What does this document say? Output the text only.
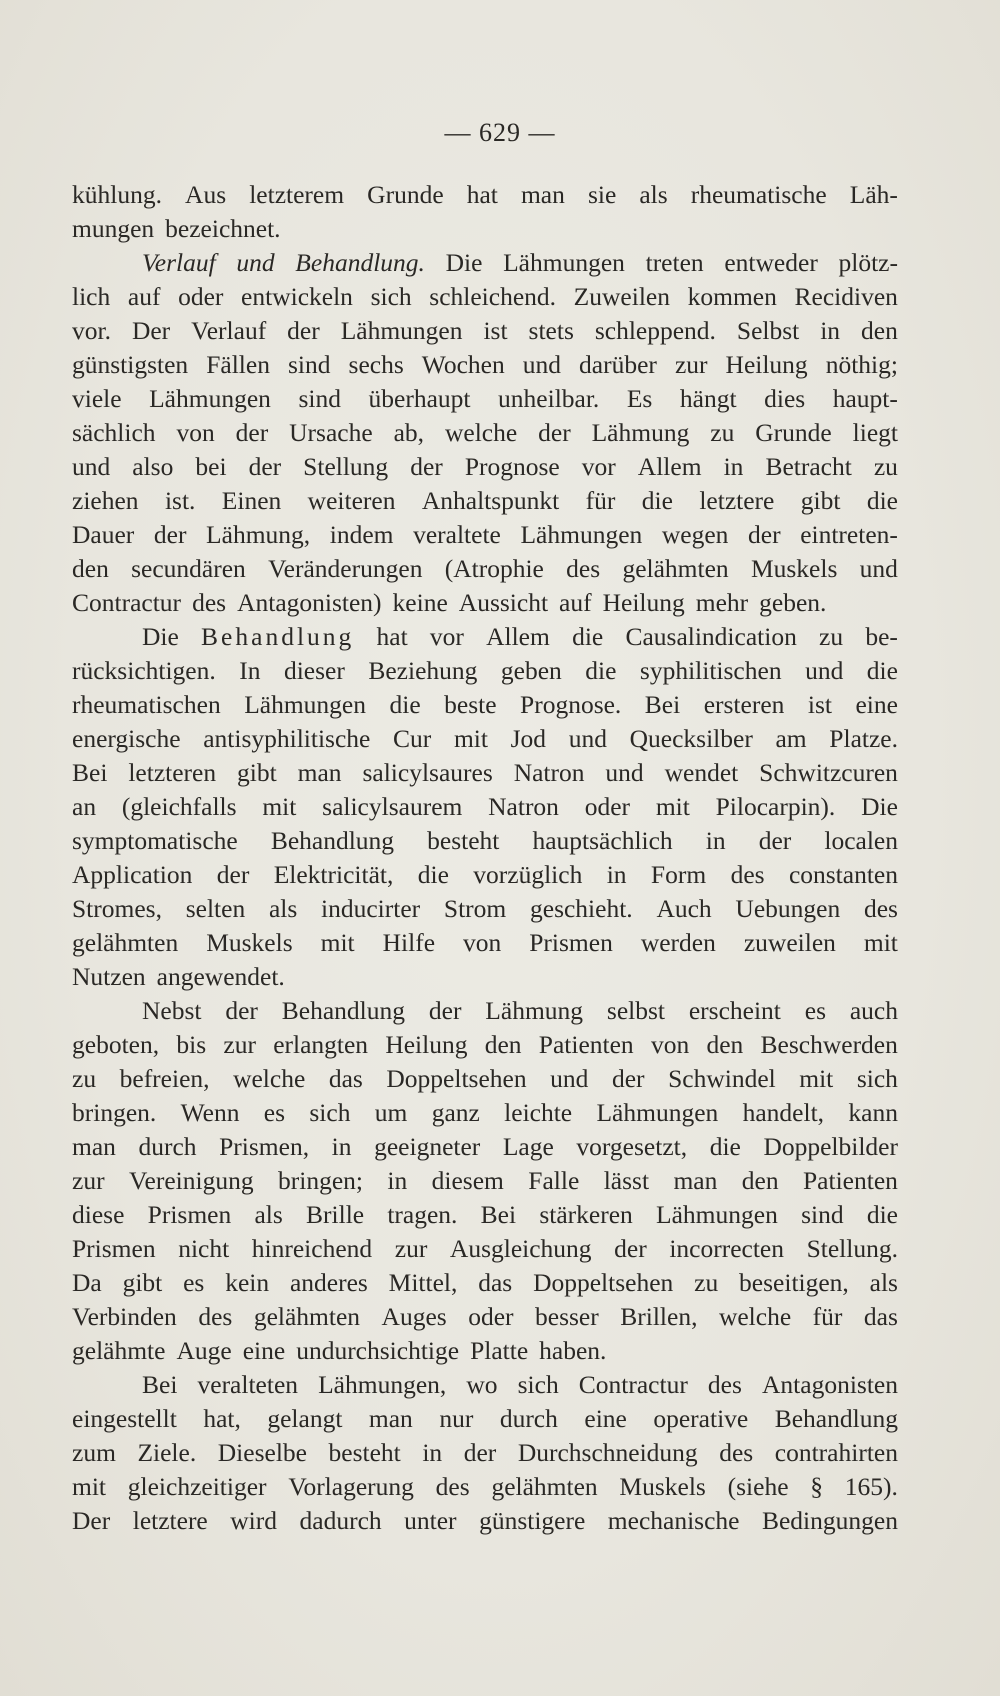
— 629 —
kühlung. Aus letzterem Grunde hat man sie als rheumatische Läh-
mungen bezeichnet.
Verlauf und Behandlung. Die Lähmungen treten entweder plötz-
lich auf oder entwickeln sich schleichend. Zuweilen kommen Recidiven
vor. Der Verlauf der Lähmungen ist stets schleppend. Selbst in den
günstigsten Fällen sind sechs Wochen und darüber zur Heilung nöthig;
viele Lähmungen sind überhaupt unheilbar. Es hängt dies haupt-
sächlich von der Ursache ab, welche der Lähmung zu Grunde liegt
und also bei der Stellung der Prognose vor Allem in Betracht zu
ziehen ist. Einen weiteren Anhaltspunkt für die letztere gibt die
Dauer der Lähmung, indem veraltete Lähmungen wegen der eintreten-
den secundären Veränderungen (Atrophie des gelähmten Muskels und
Contractur des Antagonisten) keine Aussicht auf Heilung mehr geben.
Die Behandlung hat vor Allem die Causalindication zu be-
rücksichtigen. In dieser Beziehung geben die syphilitischen und die
rheumatischen Lähmungen die beste Prognose. Bei ersteren ist eine
energische antisyphilitische Cur mit Jod und Quecksilber am Platze.
Bei letzteren gibt man salicylsaures Natron und wendet Schwitzcuren
an (gleichfalls mit salicylsaurem Natron oder mit Pilocarpin). Die
symptomatische Behandlung besteht hauptsächlich in der localen
Application der Elektricität, die vorzüglich in Form des constanten
Stromes, selten als inducirter Strom geschieht. Auch Uebungen des
gelähmten Muskels mit Hilfe von Prismen werden zuweilen mit
Nutzen angewendet.
Nebst der Behandlung der Lähmung selbst erscheint es auch
geboten, bis zur erlangten Heilung den Patienten von den Beschwerden
zu befreien, welche das Doppeltsehen und der Schwindel mit sich
bringen. Wenn es sich um ganz leichte Lähmungen handelt, kann
man durch Prismen, in geeigneter Lage vorgesetzt, die Doppelbilder
zur Vereinigung bringen; in diesem Falle lässt man den Patienten
diese Prismen als Brille tragen. Bei stärkeren Lähmungen sind die
Prismen nicht hinreichend zur Ausgleichung der incorrecten Stellung.
Da gibt es kein anderes Mittel, das Doppeltsehen zu beseitigen, als
Verbinden des gelähmten Auges oder besser Brillen, welche für das
gelähmte Auge eine undurchsichtige Platte haben.
Bei veralteten Lähmungen, wo sich Contractur des Antagonisten
eingestellt hat, gelangt man nur durch eine operative Behandlung
zum Ziele. Dieselbe besteht in der Durchschneidung des contrahirten
mit gleichzeitiger Vorlagerung des gelähmten Muskels (siehe § 165).
Der letztere wird dadurch unter günstigere mechanische Bedingungen
